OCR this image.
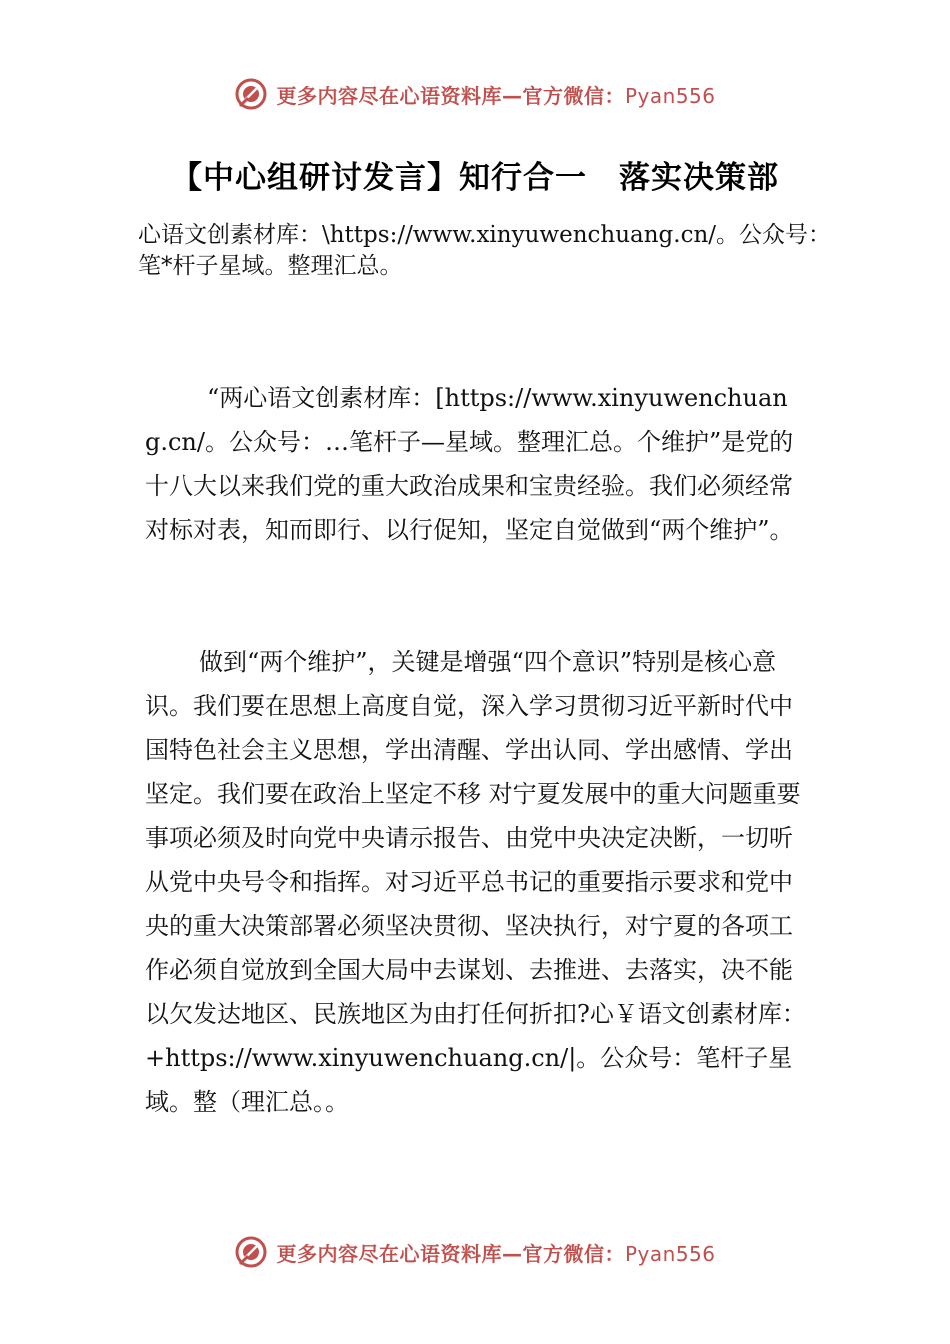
更多内容尽在心语资料库—官方微信：Pyan556
【中心组研讨发言】知行合一　落实决策部
心语文创素材库：\https://www.xinyuwenchuang.cn/。公众号：笔*杆子星域。整理汇总。
“两心语文创素材库：[https://www.xinyuwenchuang.cn/。公众号：…笔杆子—星域。整理汇总。个维护”是党的十八大以来我们党的重大政治成果和宝贵经验。我们必须经常对标对表，知而即行、以行促知，坚定自觉做到“两个维护”。
做到“两个维护”，关键是增强“四个意识”特别是核心意识。我们要在思想上高度自觉，深入学习贯彻习近平新时代中国特色社会主义思想，学出清醒、学出认同、学出感情、学出坚定。我们要在政治上坚定不移 对宁夏发展中的重大问题重要事项必须及时向党中央请示报告、由党中央决定决断，一切听从党中央号令和指挥。对习近平总书记的重要指示要求和党中央的重大决策部署必须坚决贯彻、坚决执行，对宁夏的各项工作必须自觉放到全国大局中去谋划、去推进、去落实，决不能以欠发达地区、民族地区为由打任何折扣?心￥语文创素材库：+https://www.xinyuwenchuang.cn/|。公众号：笔杆子星域。整（理汇总。。
更多内容尽在心语资料库—官方微信：Pyan556
